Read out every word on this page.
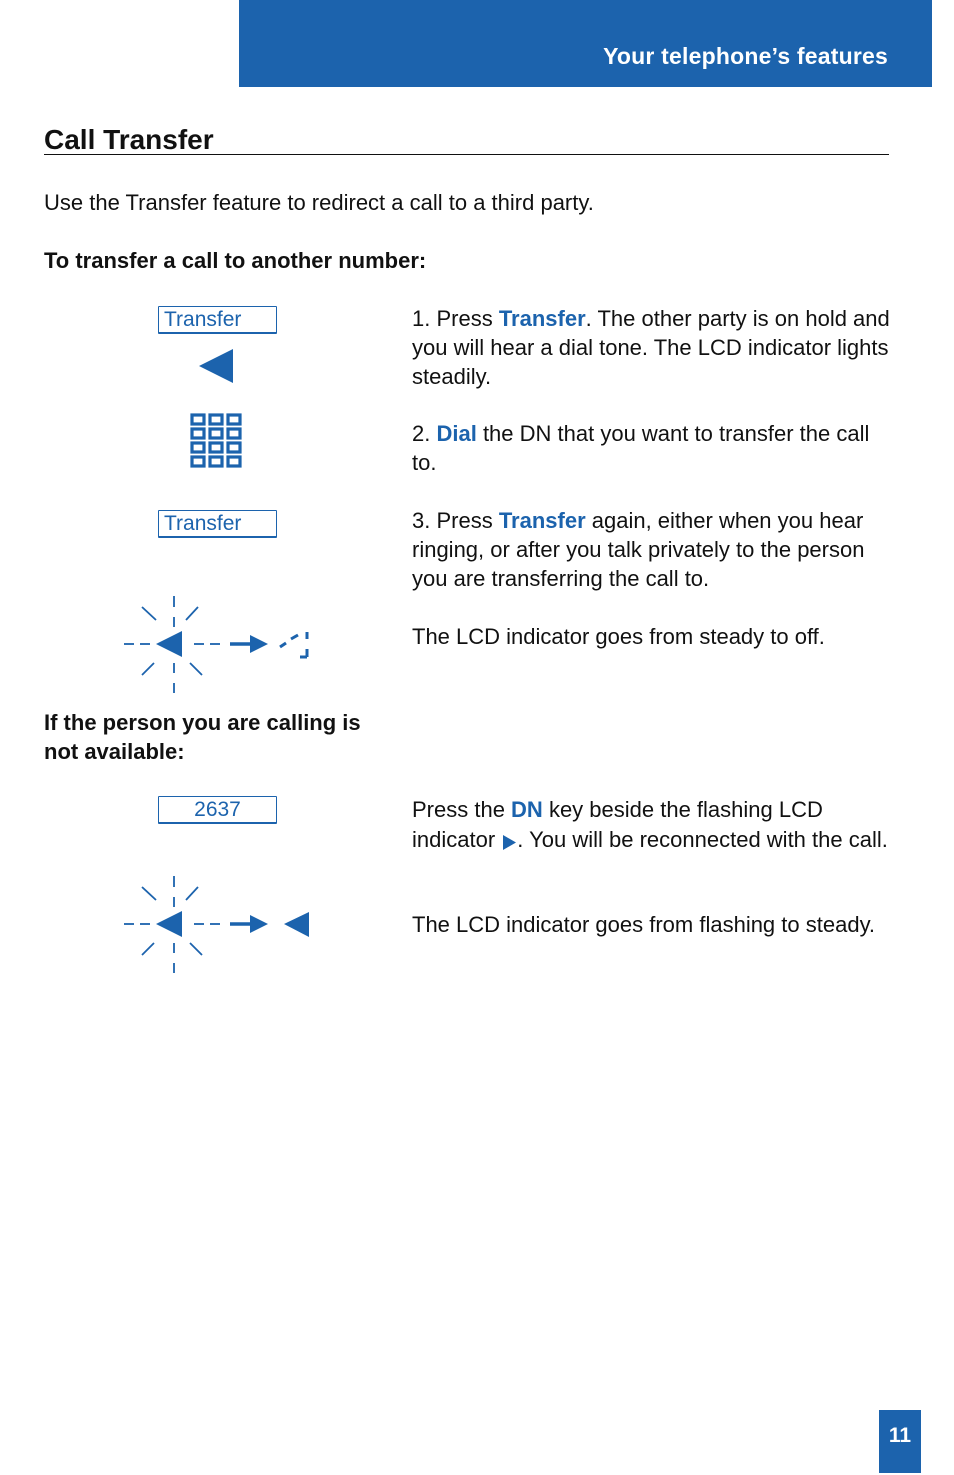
Your telephone’s features
Call Transfer
Use the Transfer feature to redirect a call to a third party.
To transfer a call to another number:
Transfer
Transfer
If the person you are calling is
not available:
2637
1. Press Transfer. The other party is on hold and you will hear a dial tone. The LCD indicator lights steadily.
2. Dial the DN that you want to transfer the call to.
3. Press Transfer again, either when you hear ringing, or after you talk privately to the person you are transferring the call to.
The LCD indicator goes from steady to off.
Press the DN key beside the flashing LCD indicator . You will be reconnected with the call.
The LCD indicator goes from flashing to steady.
11
